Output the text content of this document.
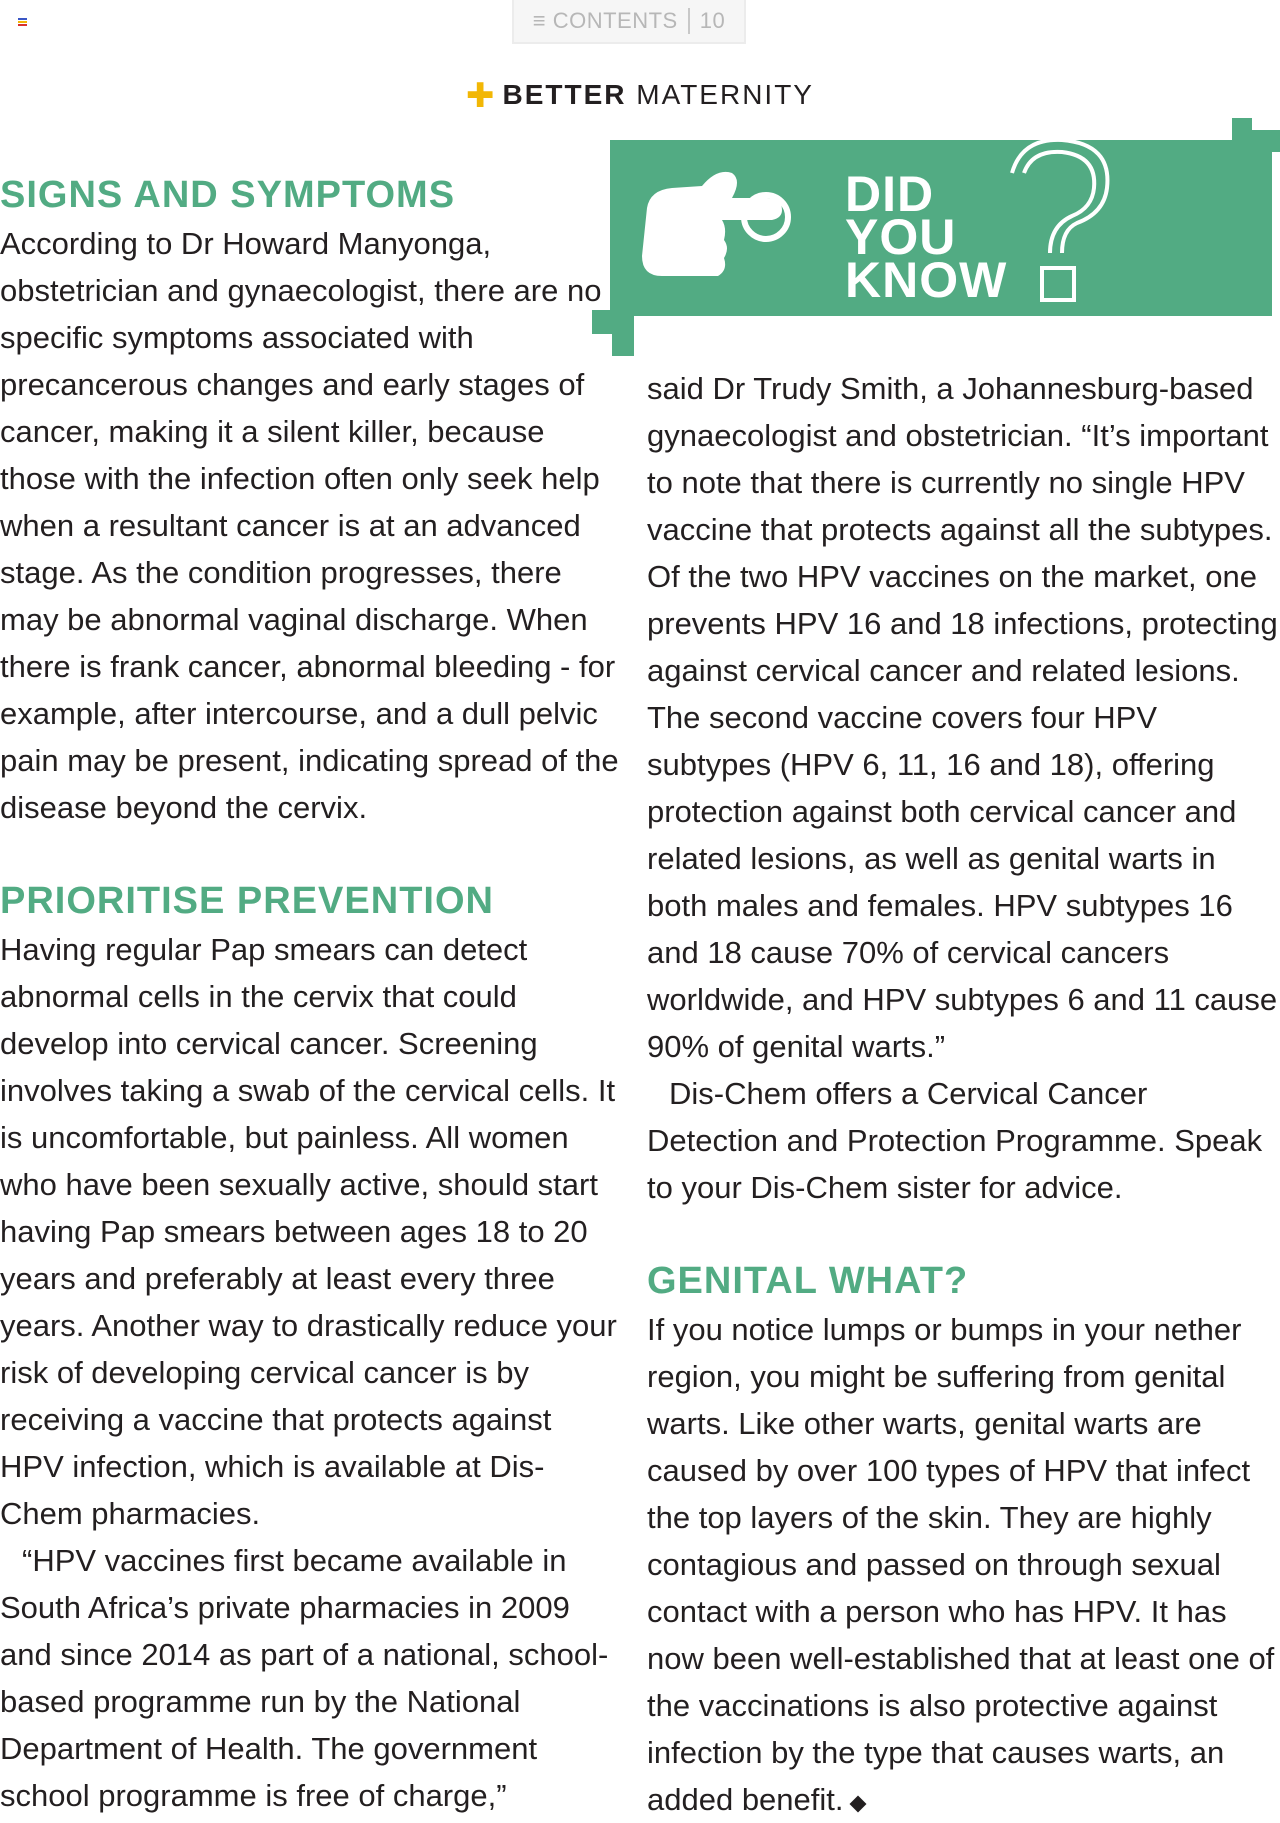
≡ CONTENTS 10
✚ BETTER MATERNITY
DID
YOU
KNOW
SIGNS AND SYMPTOMS

According to Dr Howard Manyonga, obstetrician and gynaecologist, there are no specific symptoms associated with precancerous changes and early stages of cancer, making it a silent killer, because those with the infection often only seek help when a resultant cancer is at an advanced stage. As the condition progresses, there may be abnormal vaginal discharge. When there is frank cancer, abnormal bleeding - for example, after intercourse, and a dull pelvic pain may be present, indicating spread of the disease beyond the cervix.

PRIORITISE PREVENTION

Having regular Pap smears can detect abnormal cells in the cervix that could develop into cervical cancer. Screening involves taking a swab of the cervical cells. It is uncomfortable, but painless. All women who have been sexually active, should start having Pap smears between ages 18 to 20 years and preferably at least every three years. Another way to drastically reduce your risk of developing cervical cancer is by receiving a vaccine that protects against HPV infection, which is available at Dis-Chem pharmacies.

“HPV vaccines first became available in South Africa’s private pharmacies in 2009 and since 2014 as part of a national, school-based programme run by the National Department of Health. The government school programme is free of charge,”

said Dr Trudy Smith, a Johannesburg-based gynaecologist and obstetrician. “It’s important to note that there is currently no single HPV vaccine that protects against all the subtypes. Of the two HPV vaccines on the market, one prevents HPV 16 and 18 infections, protecting against cervical cancer and related lesions. The second vaccine covers four HPV subtypes (HPV 6, 11, 16 and 18), offering protection against both cervical cancer and related lesions, as well as genital warts in both males and females. HPV subtypes 16 and 18 cause 70% of cervical cancers worldwide, and HPV subtypes 6 and 11 cause 90% of genital warts.”

Dis-Chem offers a Cervical Cancer Detection and Protection Programme. Speak to your Dis-Chem sister for advice.

GENITAL WHAT?

If you notice lumps or bumps in your nether region, you might be suffering from genital warts. Like other warts, genital warts are caused by over 100 types of HPV that infect the top layers of the skin. They are highly contagious and passed on through sexual contact with a person who has HPV. It has now been well-established that at least one of the vaccinations is also protective against infection by the type that causes warts, an added benefit.
